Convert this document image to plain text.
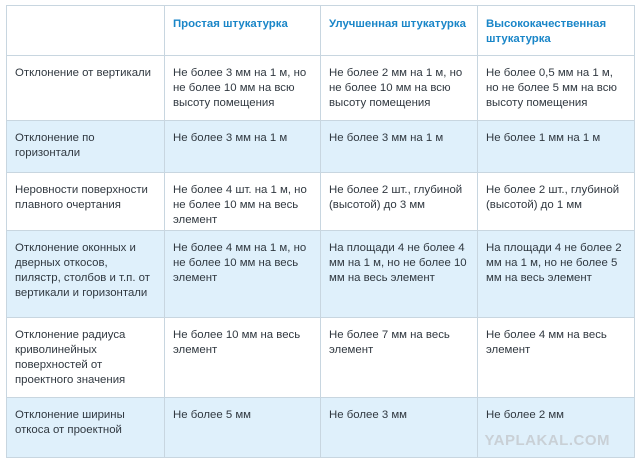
	Простая штукатурка	Улучшенная штукатурка	Высококачественная штукатурка
Отклонение от вертикали	Не более 3 мм на 1 м, но не более 10 мм на всю высоту помещения	Не более 2 мм на 1 м, но не более 10 мм на всю высоту помещения	Не более 0,5 мм на 1 м, но не более 5 мм на всю высоту помещения
Отклонение по горизонтали	Не более 3 мм на 1 м	Не более 3 мм на 1 м	Не более 1 мм на 1 м
Неровности поверхности плавного очертания	Не более 4 шт. на 1 м, но не более 10 мм на весь элемент	Не более 2 шт., глубиной (высотой) до 3 мм	Не более 2 шт., глубиной (высотой) до 1 мм
Отклонение оконных и дверных откосов, пилястр, столбов и т.п. от вертикали и горизонтали	Не более 4 мм на 1 м, но не более 10 мм на весь элемент	На площади 4 не более 4 мм на 1 м, но не более 10 мм на весь элемент	На площади 4 не более 2 мм на 1 м, но не более 5 мм на весь элемент
Отклонение радиуса криволинейных поверхностей от проектного значения	Не более 10 мм на весь элемент	Не более 7 мм на весь элемент	Не более 4 мм на весь элемент
Отклонение ширины откоса от проектной	Не более 5 мм	Не более 3 мм	Не более 2 мм
YAPLAKAL.COM
